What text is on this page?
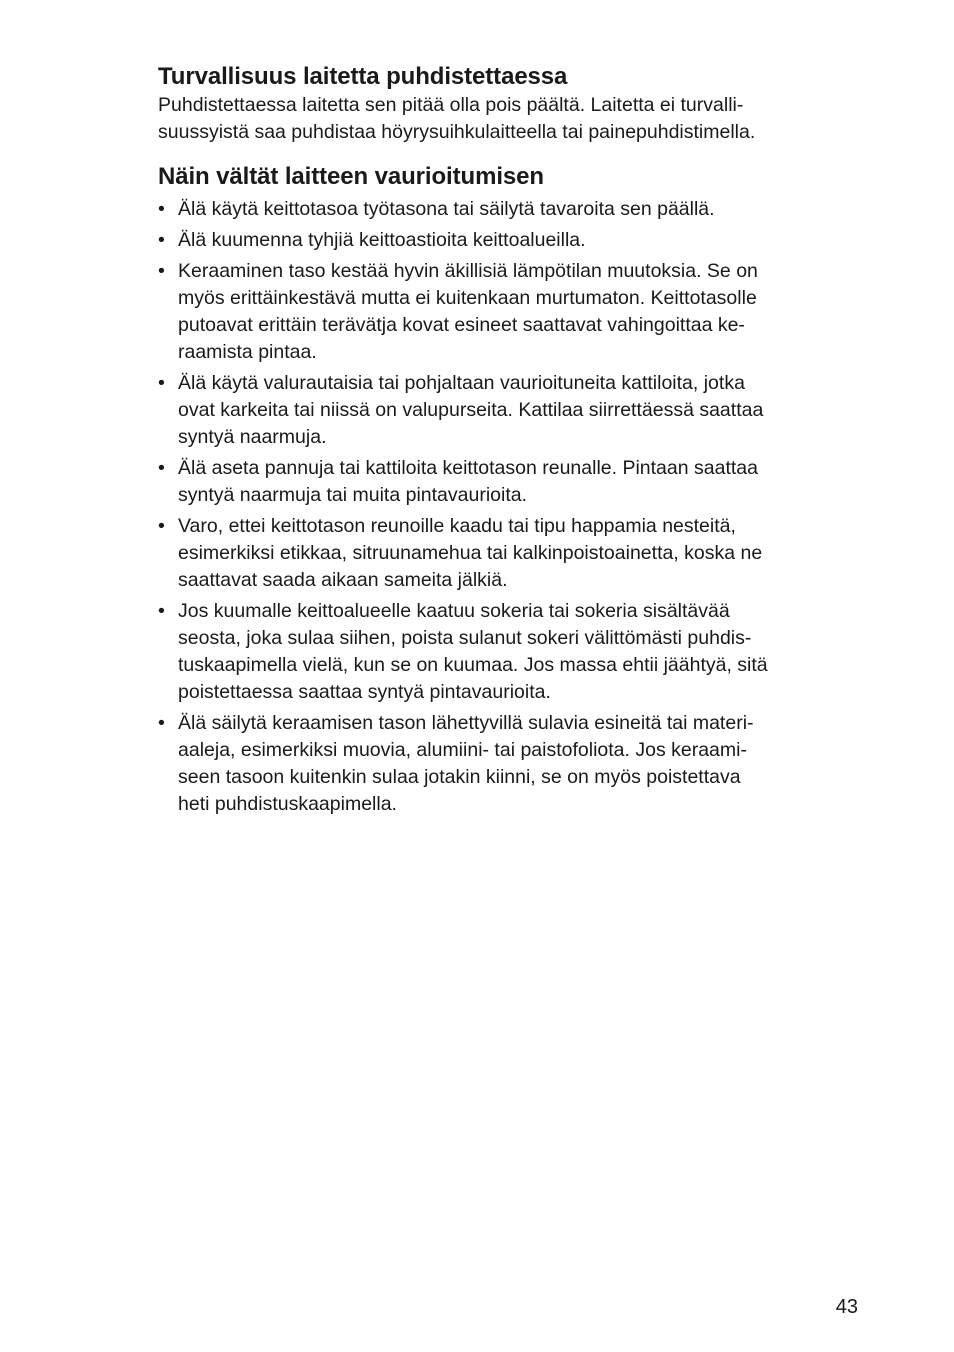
Turvallisuus laitetta puhdistettaessa

Puhdistettaessa laitetta sen pitää olla pois päältä. Laitetta ei turvalli-
suussyistä saa puhdistaa höyrysuihkulaitteella tai painepuhdistimella.

Näin vältät laitteen vaurioitumisen
• Älä käytä keittotasoa työtasona tai säilytä tavaroita sen päällä.
• Älä kuumenna tyhjiä keittoastioita keittoalueilla.
• Keraaminen taso kestää hyvin äkillisiä lämpötilan muutoksia. Se on
myös erittäinkestävä mutta ei kuitenkaan murtumaton. Keittotasolle
putoavat erittäin terävätja kovat esineet saattavat vahingoittaa ke-
raamista pintaa.
• Älä käytä valurautaisia tai pohjaltaan vaurioituneita kattiloita, jotka
ovat karkeita tai niissä on valupurseita. Kattilaa siirrettäessä saattaa
syntyä naarmuja.
• Älä aseta pannuja tai kattiloita keittotason reunalle. Pintaan saattaa
syntyä naarmuja tai muita pintavaurioita.
• Varo, ettei keittotason reunoille kaadu tai tipu happamia nesteitä,
esimerkiksi etikkaa, sitruunamehua tai kalkinpoistoainetta, koska ne
saattavat saada aikaan sameita jälkiä.
• Jos kuumalle keittoalueelle kaatuu sokeria tai sokeria sisältävää
seosta, joka sulaa siihen, poista sulanut sokeri välittömästi puhdis-
tuskaapimella vielä, kun se on kuumaa. Jos massa ehtii jäähtyä, sitä
poistettaessa saattaa syntyä pintavaurioita.
• Älä säilytä keraamisen tason lähettyvillä sulavia esineitä tai materi-
aaleja, esimerkiksi muovia, alumiini- tai paistofoliota. Jos keraami-
seen tasoon kuitenkin sulaa jotakin kiinni, se on myös poistettava
heti puhdistuskaapimella.
43
